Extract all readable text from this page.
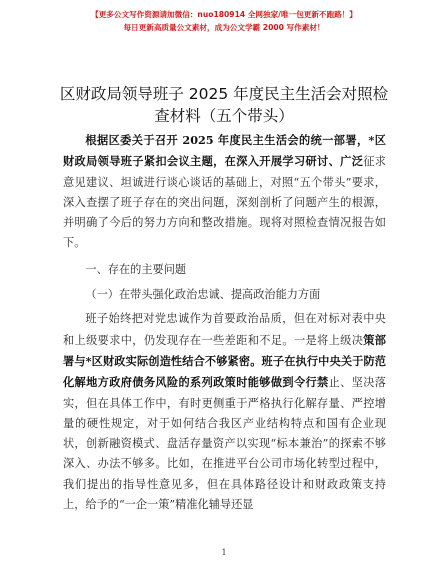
【更多公文写作资源请加微信：nuo180914 全网独家/唯一包更新不跑路！】
每日更新高质量公文素材，成为公文学霸 2000 写作素材！
区财政局领导班子 2025 年度民主生活会对照检
查材料（五个带头）

根据区委关于召开 2025 年度民主生活会的统一部署，*区财政局领导班子紧扣会议主题，在深入开展学习研讨、广泛征求意见建议、坦诚进行谈心谈话的基础上，对照“五个带头”要求，深入查摆了班子存在的突出问题，深刻剖析了问题产生的根源，并明确了今后的努力方向和整改措施。现将对照检查情况报告如下。

一、存在的主要问题

（一）在带头强化政治忠诚、提高政治能力方面

班子始终把对党忠诚作为首要政治品质，但在对标对表中央和上级要求中，仍发现存在一些差距和不足。一是将上级决策部署与*区财政实际创造性结合不够紧密。班子在执行中央关于防范化解地方政府债务风险的系列政策时能够做到令行禁止、坚决落实，但在具体工作中，有时更侧重于严格执行化解存量、严控增量的硬性规定，对于如何结合我区产业结构特点和国有企业现状，创新融资模式、盘活存量资产以实现“标本兼治”的探索不够深入、办法不够多。比如，在推进平台公司市场化转型过程中，我们提出的指导性意见多，但在具体路径设计和财政政策支持上，给予的“一企一策”精准化辅导还显

1
